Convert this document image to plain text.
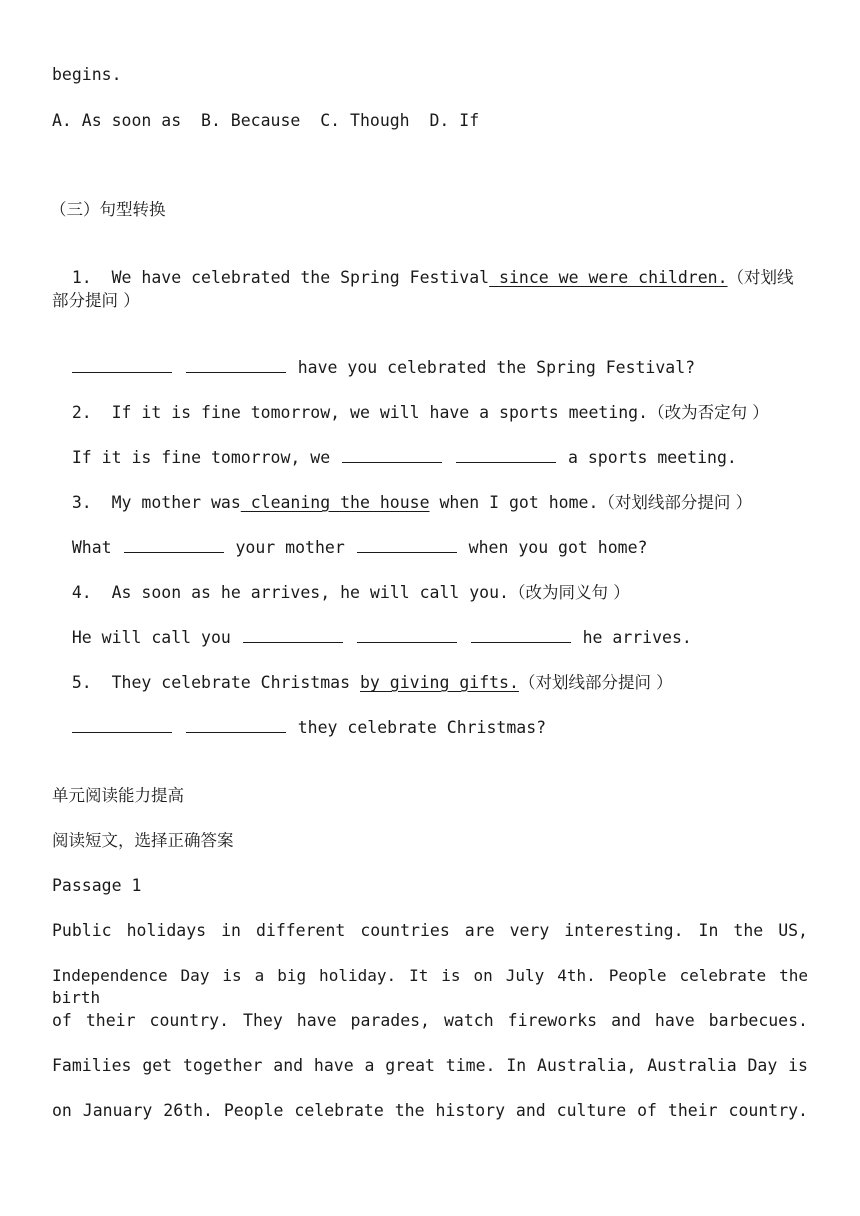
begins.
A. As soon as  B. Because  C. Though  D. If
（三）句型转换

1. We have celebrated the Spring Festival since we were children.（对划线

部分提问 ）

have you celebrated the Spring Festival?

2. If it is fine tomorrow, we will have a sports meeting.（改为否定句 ）

If it is fine tomorrow, we	a sports meeting.

3. My mother was cleaning the house when I got home.（对划线部分提问 ）

What	your mother	when you got home?

4. As soon as he arrives, he will call you.（改为同义句 ）

He will call you	he arrives.

5. They celebrate Christmas by giving gifts.（对划线部分提问 ）

they celebrate Christmas?

单元阅读能力提高
阅读短文，选择正确答案
Passage 1
Public holidays in different countries are very interesting. In the US,
Independence Day is a big holiday. It is on July 4th. People celebrate the birth
of their country. They have parades, watch fireworks and have barbecues.
Families get together and have a great time. In Australia, Australia Day is
on January 26th. People celebrate the history and culture of their country.
